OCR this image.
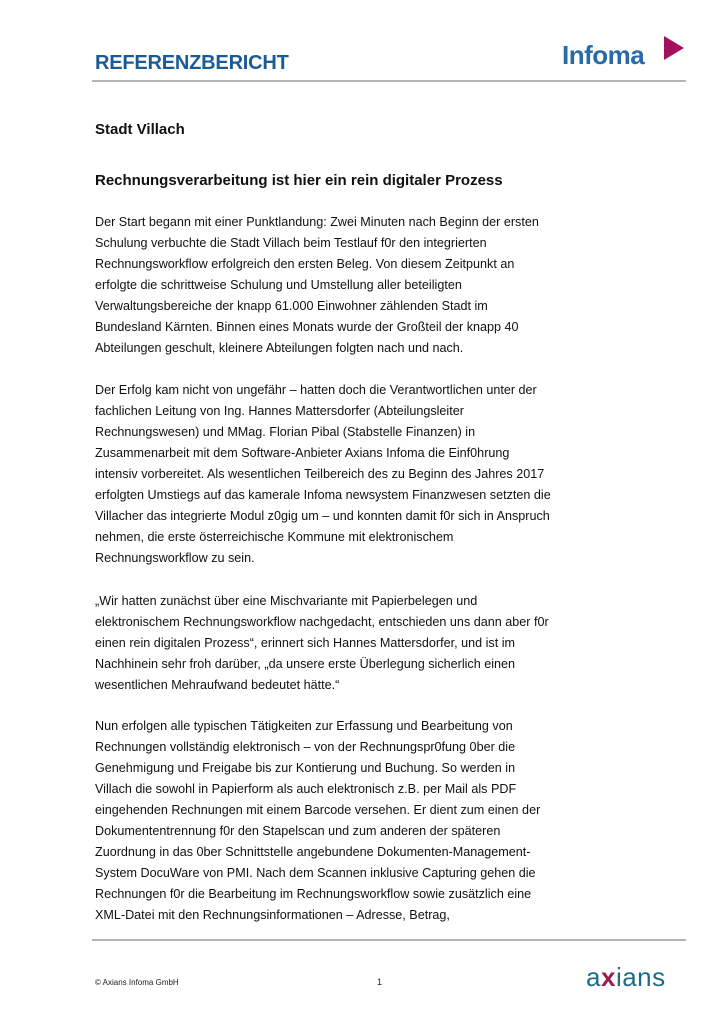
REFERENZBERICHT	Infoma
Stadt Villach
Rechnungsverarbeitung ist hier ein rein digitaler Prozess
Der Start begann mit einer Punktlandung: Zwei Minuten nach Beginn der ersten
Schulung verbuchte die Stadt Villach beim Testlauf f0r den integrierten
Rechnungsworkflow erfolgreich den ersten Beleg. Von diesem Zeitpunkt an
erfolgte die schrittweise Schulung und Umstellung aller beteiligten
Verwaltungsbereiche der knapp 61.000 Einwohner zählenden Stadt im
Bundesland Kärnten. Binnen eines Monats wurde der Großteil der knapp 40
Abteilungen geschult, kleinere Abteilungen folgten nach und nach.
Der Erfolg kam nicht von ungefähr – hatten doch die Verantwortlichen unter der
fachlichen Leitung von Ing. Hannes Mattersdorfer (Abteilungsleiter
Rechnungswesen) und MMag. Florian Pibal (Stabstelle Finanzen) in
Zusammenarbeit mit dem Software-Anbieter Axians Infoma die Einf0hrung
intensiv vorbereitet. Als wesentlichen Teilbereich des zu Beginn des Jahres 2017
erfolgten Umstiegs auf das kamerale Infoma newsystem Finanzwesen setzten die
Villacher das integrierte Modul z0gig um – und konnten damit f0r sich in Anspruch
nehmen, die erste österreichische Kommune mit elektronischem
Rechnungsworkflow zu sein.
„Wir hatten zunächst über eine Mischvariante mit Papierbelegen und
elektronischem Rechnungsworkflow nachgedacht, entschieden uns dann aber f0r
einen rein digitalen Prozess“, erinnert sich Hannes Mattersdorfer, und ist im
Nachhinein sehr froh darüber, „da unsere erste Überlegung sicherlich einen
wesentlichen Mehraufwand bedeutet hätte.“
Nun erfolgen alle typischen Tätigkeiten zur Erfassung und Bearbeitung von
Rechnungen vollständig elektronisch – von der Rechnungspr0fung 0ber die
Genehmigung und Freigabe bis zur Kontierung und Buchung. So werden in
Villach die sowohl in Papierform als auch elektronisch z.B. per Mail als PDF
eingehenden Rechnungen mit einem Barcode versehen. Er dient zum einen der
Dokumententrennung f0r den Stapelscan und zum anderen der späteren
Zuordnung in das 0ber Schnittstelle angebundene Dokumenten-Management-
System DocuWare von PMI. Nach dem Scannen inklusive Capturing gehen die
Rechnungen f0r die Bearbeitung im Rechnungsworkflow sowie zusätzlich eine
XML-Datei mit den Rechnungsinformationen – Adresse, Betrag,
© Axians Infoma GmbH	1	axians
